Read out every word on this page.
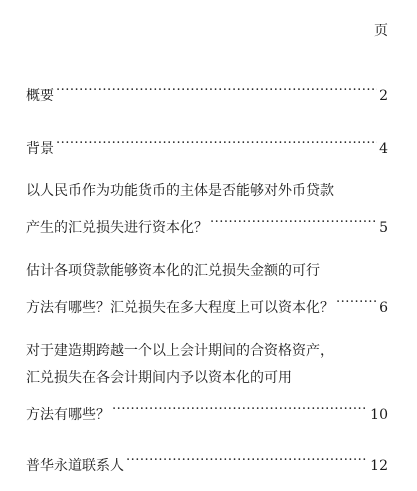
页
概要 .....	2
背景 .....	4
以人民币作为功能货币的主体是否能够对外币贷款
产生的汇兑损失进行资本化？ .....	5
估计各项贷款能够资本化的汇兑损失金额的可行
方法有哪些？汇兑损失在多大程度上可以资本化？ .....	6
对于建造期跨越一个以上会计期间的合资格资产，
汇兑损失在各会计期间内予以资本化的可用
方法有哪些？ .....	10
普华永道联系人 .....	12
